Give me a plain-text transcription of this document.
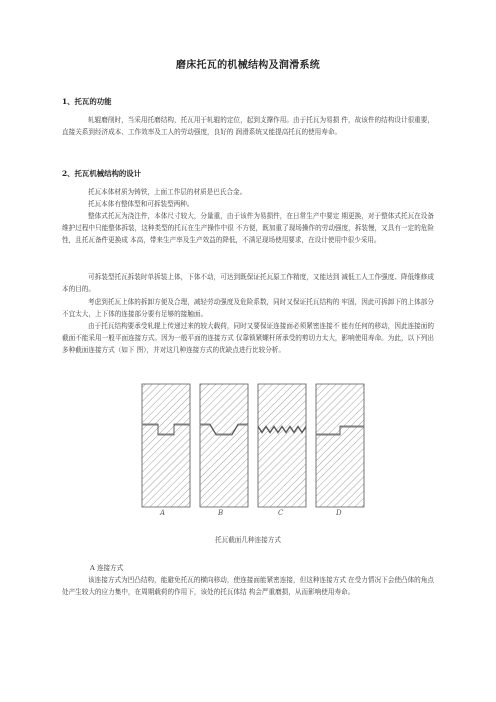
磨床托瓦的机械结构及润滑系统
1、托瓦的功能

轧辊磨削时，当采用托磨结构，托瓦用于轧辊的定位，起到支撑作用。由于托瓦为易损 件，故该件的结构设计很重要，直接关系到经济成本、工作效率及工人的劳动强度，良好的 润滑系统又能提高托瓦的使用寿命。

2、托瓦机械结构的设计

托瓦本体材质为铸铁，上面工作层的材质是巴氏合金。

托瓦本体有整体型和可拆装型两种。

整体式托瓦为浇注件，本体尺寸较大，分量重，由于该件为易损件，在日常生产中要定 期更换，对于整体式托瓦在设备维护过程中只能整体拆装，这种类型的托瓦在生产操作中很 不方便，既加重了现场操作的劳动强度，拆装慢，又具有一定的危险性，且托瓦备件更换成 本高，带来生产率及生产效益的降低，不满足现场使用要求，在设计使用中很少采用。

可拆装型托瓦拆装时单拆装上体，下体不动，可达到既保证托瓦原工作精度，又能达到 减低工人工作强度、降低维修成本的目的。

考虑到托瓦上体的拆卸方便及合理，减轻劳动强度及危险系数，同时又保证托瓦结构的 牢固，因此可拆卸下的上体部分不宜太大，上下体的连接部分要有足够的接触面。

由于托瓦结构要承受轧辊上传递过来的较大载荷，同时又要保证连接面必须紧密连接不 能有任何的移动，因此连接面的截面不能采用一般平面连接方式。因为一般平面的连接方式 仅靠锁紧螺杆所承受的剪切力太大，影响使用寿命。为此，以下列出多种截面连接方式（如下 图），并对这几种连接方式的优缺点进行比较分析。

A	B	C	D
托瓦截面几种连接方式
A 连接方式

该连接方式为凹凸结构，能避免托瓦的横向移动，使连接面能紧密连接，但这种连接方式 在受力情况下会使凸体的角点处产生较大的应力集中，在周期载荷的作用下，该处的托瓦体结 构会严重磨损，从而影响使用寿命。
